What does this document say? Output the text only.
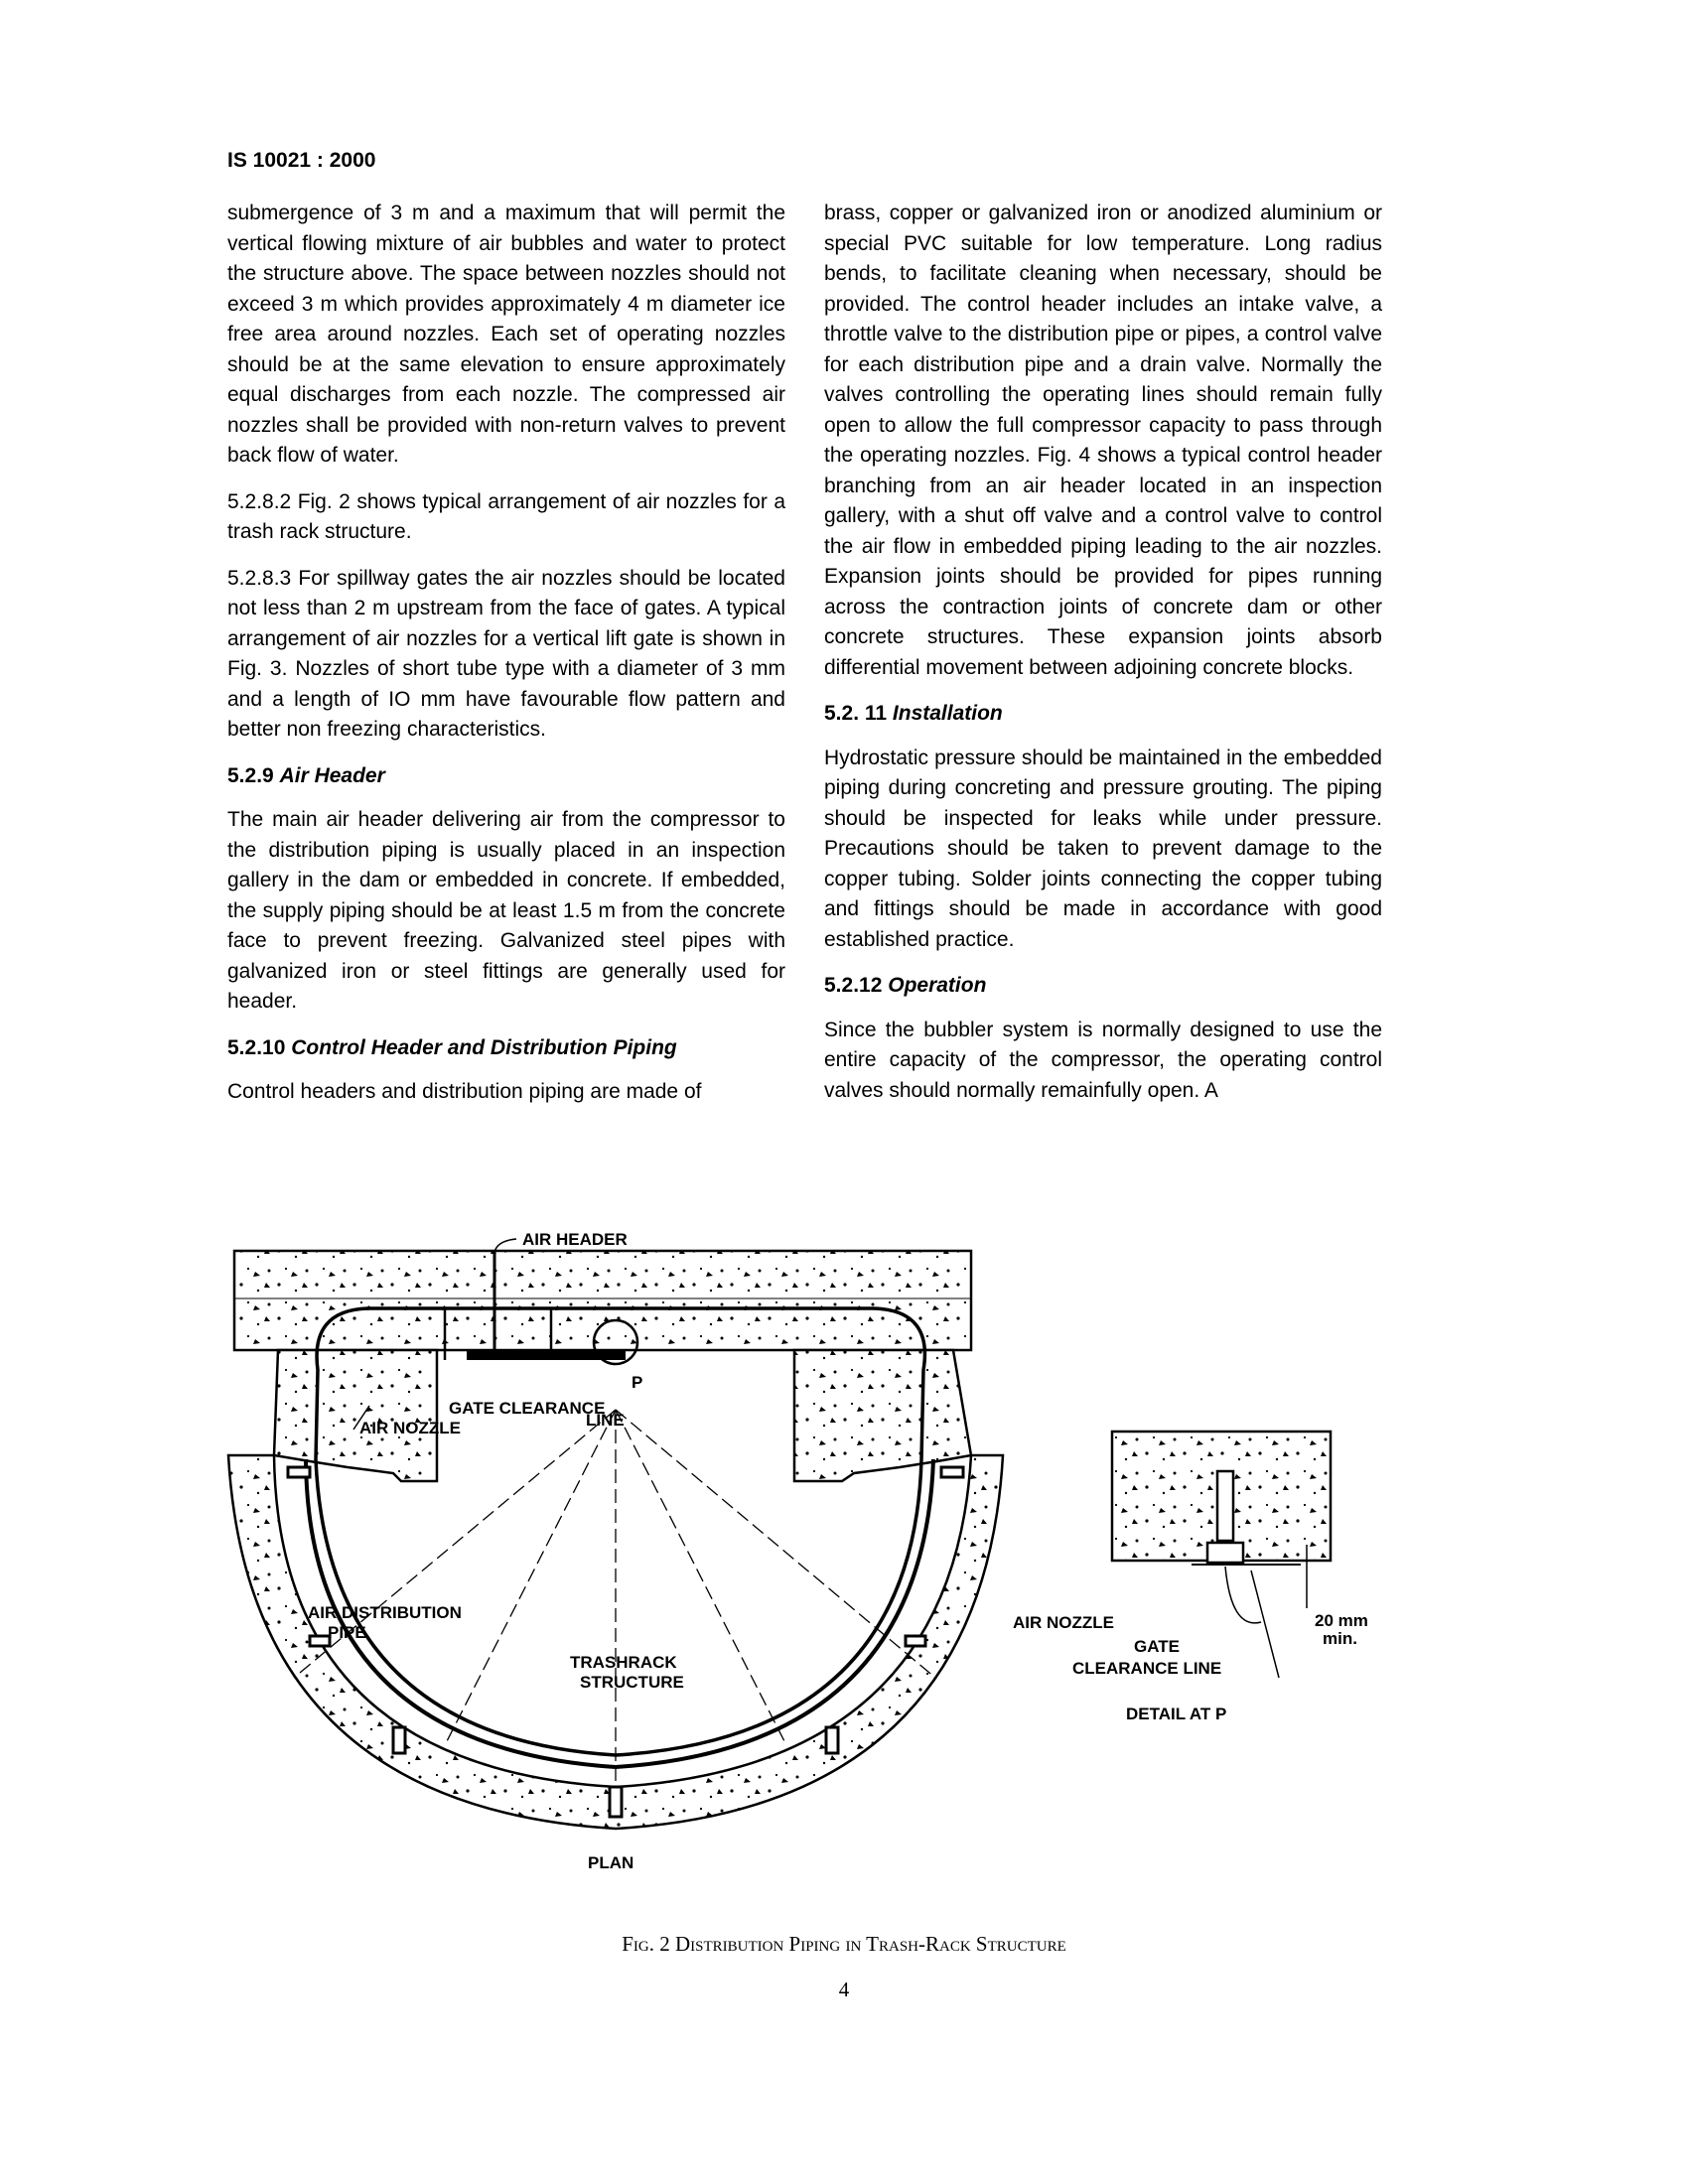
IS 10021 : 2000

submergence of 3 m and a maximum that will permit the vertical flowing mixture of air bubbles and water to protect the structure above. The space between nozzles should not exceed 3 m which provides approximately 4 m diameter ice free area around nozzles. Each set of operating nozzles should be at the same elevation to ensure approximately equal discharges from each nozzle. The compressed air nozzles shall be provided with non-return valves to prevent back flow of water.

5.2.8.2 Fig. 2 shows typical arrangement of air nozzles for a trash rack structure.

5.2.8.3 For spillway gates the air nozzles should be located not less than 2 m upstream from the face of gates. A typical arrangement of air nozzles for a vertical lift gate is shown in Fig. 3. Nozzles of short tube type with a diameter of 3 mm and a length of IO mm have favourable flow pattern and better non freezing characteristics.

5.2.9 Air Header

The main air header delivering air from the compressor to the distribution piping is usually placed in an inspection gallery in the dam or embedded in concrete. If embedded, the supply piping should be at least 1.5 m from the concrete face to prevent freezing. Galvanized steel pipes with galvanized iron or steel fittings are generally used for header.

5.2.10 Control Header and Distribution Piping

Control headers and distribution piping are made of

brass, copper or galvanized iron or anodized aluminium or special PVC suitable for low temperature. Long radius bends, to facilitate cleaning when necessary, should be provided. The control header includes an intake valve, a throttle valve to the distribution pipe or pipes, a control valve for each distribution pipe and a drain valve. Normally the valves controlling the operating lines should remain fully open to allow the full compressor capacity to pass through the operating nozzles. Fig. 4 shows a typical control header branching from an air header located in an inspection gallery, with a shut off valve and a control valve to control the air flow in embedded piping leading to the air nozzles. Expansion joints should be provided for pipes running across the contraction joints of concrete dam or other concrete structures. These expansion joints absorb differential movement between adjoining concrete blocks.

5.2. 11 Installation

Hydrostatic pressure should be maintained in the embedded piping during concreting and pressure grouting. The piping should be inspected for leaks while under pressure. Precautions should be taken to prevent damage to the copper tubing. Solder joints connecting the copper tubing and fittings should be made in accordance with good established practice.

5.2.12 Operation

Since the bubbler system is normally designed to use the entire capacity of the compressor, the operating control valves should normally remainfully open. A

AIR HEADER
P
GATE CLEARANCE
LINE
AIR NOZZLE
AIR DISTRIBUTION
PIPE
TRASHRACK
STRUCTURE
PLAN
AIR NOZZLE
GATE
CLEARANCE LINE
20 mm
min.
DETAIL AT P
Fig. 2 Distribution Piping in Trash-Rack Structure
4
